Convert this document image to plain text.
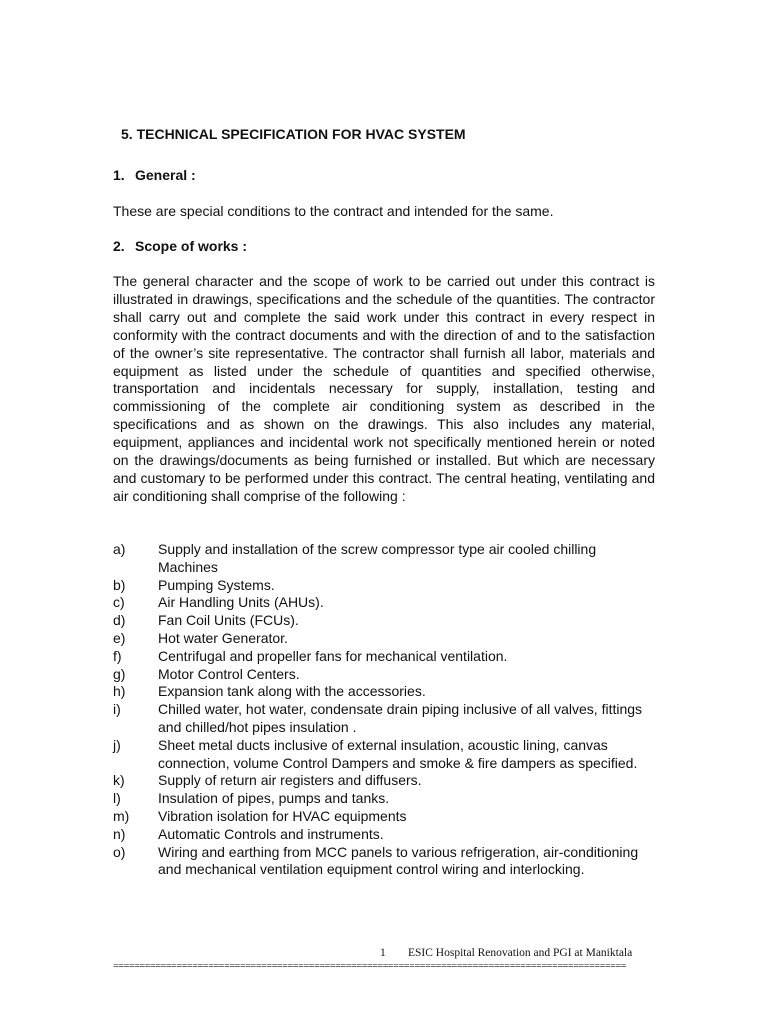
5. TECHNICAL SPECIFICATION FOR HVAC SYSTEM
1. General :

These are special conditions to the contract and intended for the same.

2. Scope of works :

The general character and the scope of work to be carried out under this contract is illustrated in drawings, specifications and the schedule of the quantities. The contractor shall carry out and complete the said work under this contract in every respect in conformity with the contract documents and with the direction of and to the satisfaction of the owner’s site representative. The contractor shall furnish all labor, materials and equipment as listed under the schedule of quantities and specified otherwise, transportation and incidentals necessary for supply, installation, testing and commissioning of the complete air conditioning system as described in the specifications and as shown on the drawings. This also includes any material, equipment, appliances and incidental work not specifically mentioned herein or noted on the drawings/documents as being furnished or installed. But which are necessary and customary to be performed under this contract. The central heating, ventilating and air conditioning shall comprise of the following :

a)	Supply and installation of the screw compressor type air cooled chilling Machines
b)	Pumping Systems.
c)	Air Handling Units (AHUs).
d)	Fan Coil Units (FCUs).
e)	Hot water Generator.
f)	Centrifugal and propeller fans for mechanical ventilation.
g)	Motor Control Centers.
h)	Expansion tank along with the accessories.
i)	Chilled water, hot water, condensate drain piping inclusive of all valves, fittings and chilled/hot pipes insulation .
j)	Sheet metal ducts inclusive of external insulation, acoustic lining, canvas connection, volume Control Dampers and smoke & fire dampers as specified.
k)	Supply of return air registers and diffusers.
l)	Insulation of pipes, pumps and tanks.
m)	Vibration isolation for HVAC equipments
n)	Automatic Controls and instruments.
o)	Wiring and earthing from MCC panels to various refrigeration, air-conditioning and mechanical ventilation equipment control wiring and interlocking.

1 ESIC Hospital Renovation and PGI at Maniktala

=================================================================================================
